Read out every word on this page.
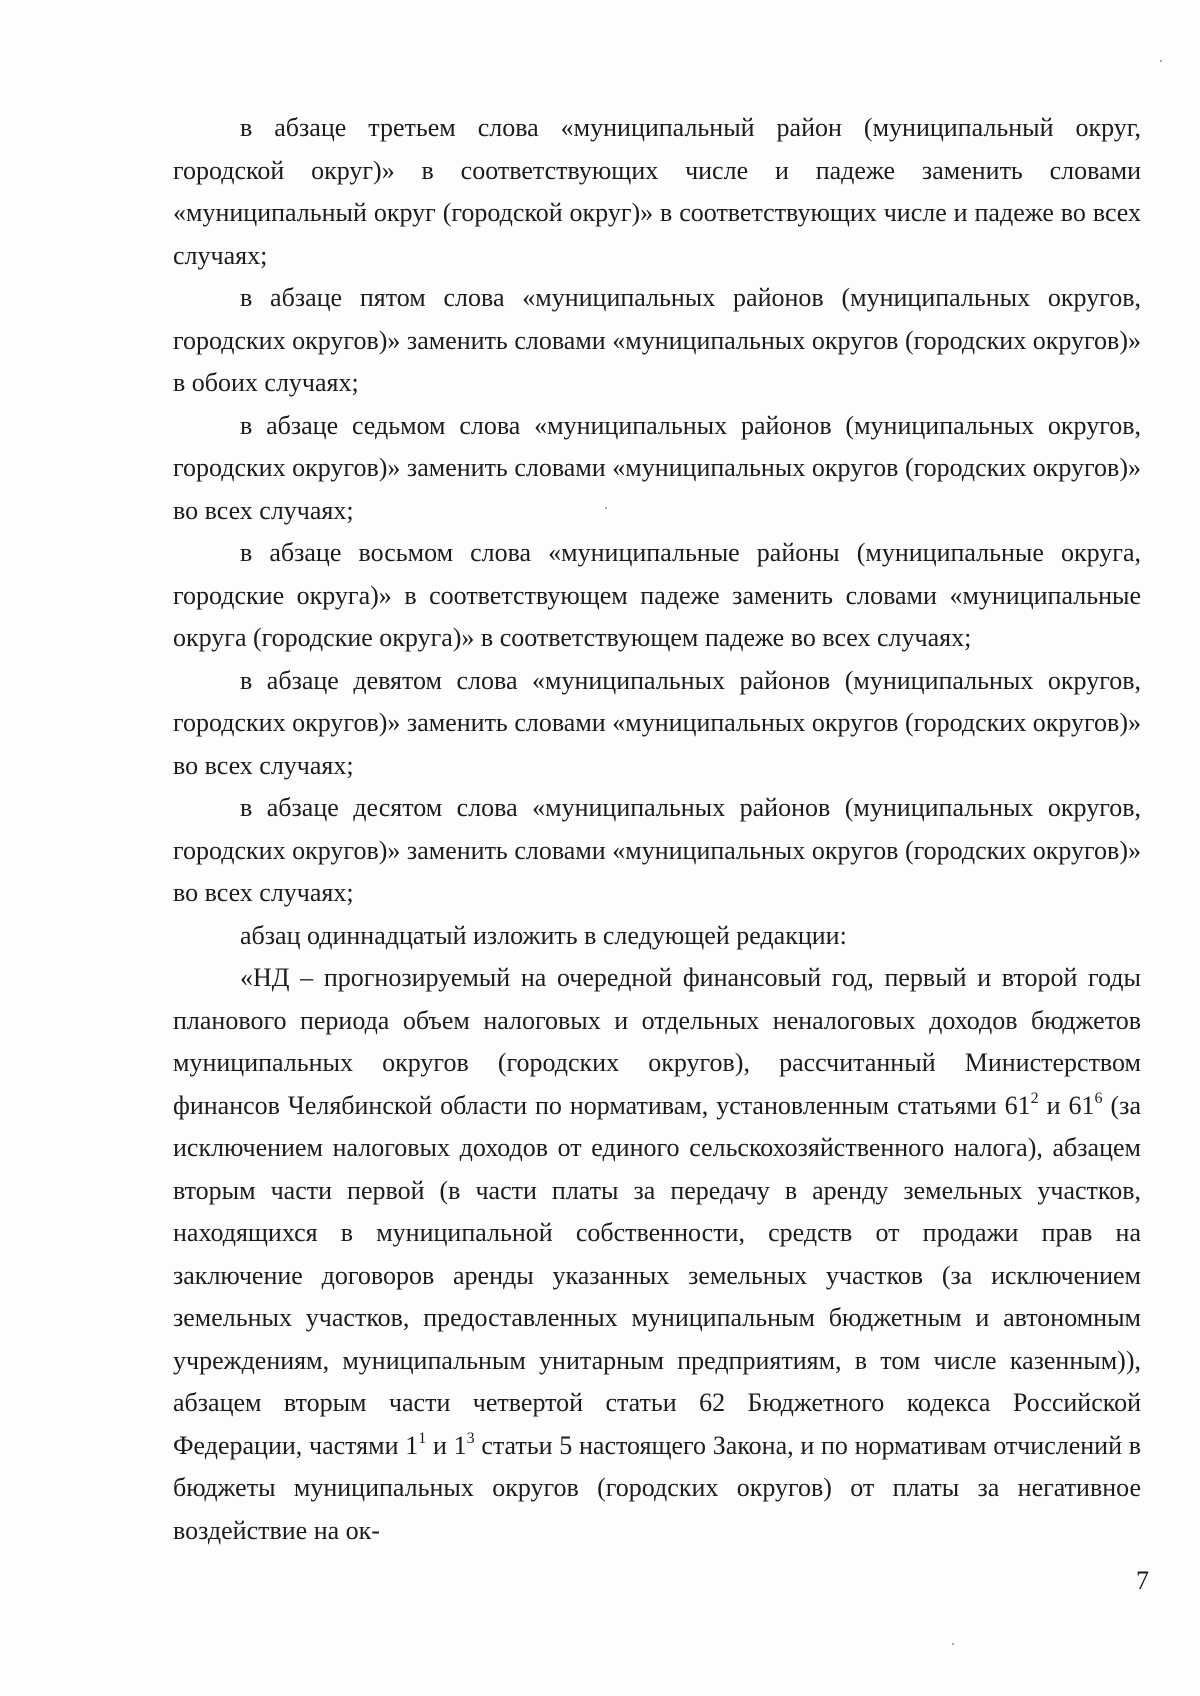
в абзаце третьем слова «муниципальный район (муниципальный округ, городской округ)» в соответствующих числе и падеже заменить словами «муниципальный округ (городской округ)» в соответствующих числе и падеже во всех случаях;

в абзаце пятом слова «муниципальных районов (муниципальных округов, городских округов)» заменить словами «муниципальных округов (городских округов)» в обоих случаях;

в абзаце седьмом слова «муниципальных районов (муниципальных округов, городских округов)» заменить словами «муниципальных округов (городских округов)» во всех случаях;

в абзаце восьмом слова «муниципальные районы (муниципальные округа, городские округа)» в соответствующем падеже заменить словами «муниципальные округа (городские округа)» в соответствующем падеже во всех случаях;

в абзаце девятом слова «муниципальных районов (муниципальных округов, городских округов)» заменить словами «муниципальных округов (городских округов)» во всех случаях;

в абзаце десятом слова «муниципальных районов (муниципальных округов, городских округов)» заменить словами «муниципальных округов (городских округов)» во всех случаях;

абзац одиннадцатый изложить в следующей редакции:

«НД – прогнозируемый на очередной финансовый год, первый и второй годы планового периода объем налоговых и отдельных неналоговых доходов бюджетов муниципальных округов (городских округов), рассчитанный Министерством финансов Челябинской области по нормативам, установленным статьями $61^2$ и $61^6$ (за исключением налоговых доходов от единого сельскохозяйственного налога), абзацем вторым части первой (в части платы за передачу в аренду земельных участков, находящихся в муниципальной собственности, средств от продажи прав на заключение договоров аренды указанных земельных участков (за исключением земельных участков, предоставленных муниципальным бюджетным и автономным учреждениям, муниципальным унитарным предприятиям, в том числе казенным)), абзацем вторым части четвертой статьи 62 Бюджетного кодекса Российской Федерации, частями $1^1$ и $1^3$ статьи 5 настоящего Закона, и по нормативам отчислений в бюджеты муниципальных округов (городских округов) от платы за негативное воздействие на ок-

7
